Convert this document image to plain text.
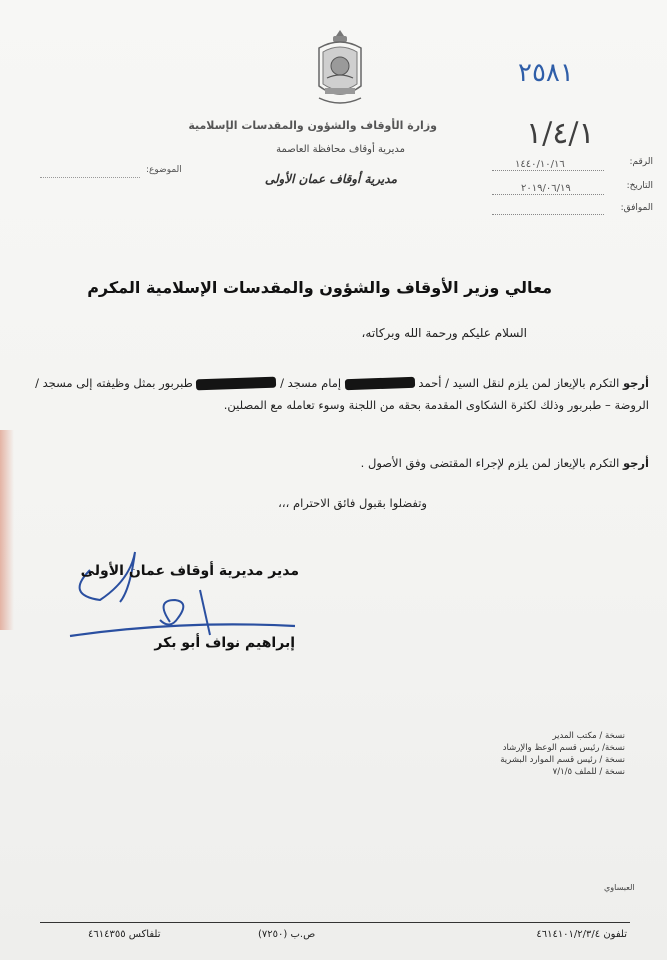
وزارة الأوقاف والشؤون والمقدسات الإسلامية
مديرية أوقاف محافظة العاصمة
مديرية أوقاف عمان الأولى
الموضوع:
٢٥٨١
١/٤/١
الرقم:
١٤٤٠/١٠/١٦
التاريخ:
٢٠١٩/٠٦/١٩
الموافق:
معالي وزير الأوقاف والشؤون والمقدسات الإسلامية المكرم
السلام عليكم ورحمة الله وبركاته،
أرجو التكرم بالإيعاز لمن يلزم لنقل السيد / أحمد  إمام مسجد /  طبربور بمثل وظيفته إلى مسجد / الروضة – طبربور وذلك لكثرة الشكاوى المقدمة بحقه من اللجنة وسوء تعامله مع المصلين.
أرجو التكرم بالإيعاز لمن يلزم لإجراء المقتضى وفق الأصول .
وتفضلوا بقبول فائق الاحترام ،،،
مدير مديرية أوقاف عمان الأولى
إبراهيم نواف أبو بكر
نسخة / مكتب المدير
نسخة/ رئيس قسم الوعظ والإرشاد
نسخة / رئيس قسم الموارد البشرية
نسخة / للملف ٧/١/٥
العبساوي
تلفون ٤٦١٤١٠١/٢/٣/٤
ص.ب (٧٢٥٠)
تلفاكس ٤٦١٤٣٥٥
